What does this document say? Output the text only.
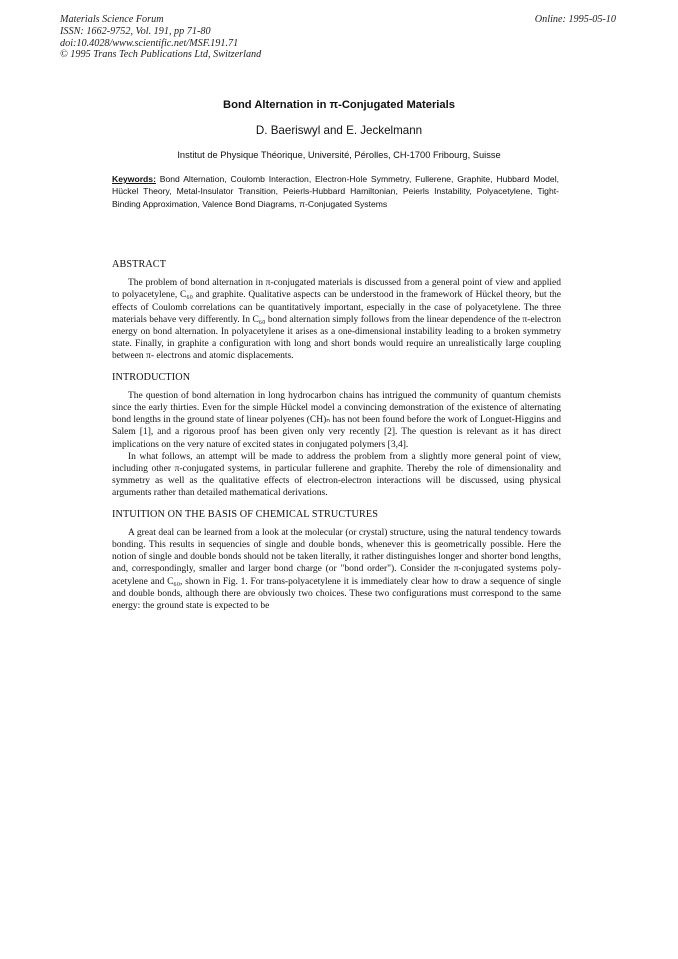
Materials Science Forum
ISSN: 1662-9752, Vol. 191, pp 71-80
doi:10.4028/www.scientific.net/MSF.191.71
© 1995 Trans Tech Publications Ltd, Switzerland
Online: 1995-05-10
Bond Alternation in π-Conjugated Materials
D. Baeriswyl and E. Jeckelmann
Institut de Physique Théorique, Université, Pérolles, CH-1700 Fribourg, Suisse
Keywords: Bond Alternation, Coulomb Interaction, Electron-Hole Symmetry, Fullerene, Graphite, Hubbard Model, Hückel Theory, Metal-Insulator Transition, Peierls-Hubbard Hamiltonian, Peierls Instability, Polyacetylene, Tight-Binding Approximation, Valence Bond Diagrams, π-Conjugated Systems
ABSTRACT

The problem of bond alternation in π-conjugated materials is discussed from a general point of view and applied to polyacetylene, C₆₀ and graphite. Qualitative aspects can be understood in the framework of Hückel theory, but the effects of Coulomb correlations can be quantitatively important, especially in the case of polyacetylene. The three materials behave very differently. In C₆₀ bond alternation simply follows from the linear dependence of the π-electron energy on bond alternation. In polyacetylene it arises as a one-dimensional instability leading to a broken symmetry state. Finally, in graphite a configuration with long and short bonds would require an unrealistically large coupling between π- electrons and atomic displacements.

INTRODUCTION

The question of bond alternation in long hydrocarbon chains has intrigued the community of quantum chemists since the early thirties. Even for the simple Hückel model a convincing demonstration of the existence of alternating bond lengths in the ground state of linear polyenes (CH)ₙ has not been found before the work of Longuet-Higgins and Salem [1], and a rigorous proof has been given only very recently [2]. The question is relevant as it has direct implications on the very nature of excited states in conjugated polymers [3,4].

In what follows, an attempt will be made to address the problem from a slightly more general point of view, including other π-conjugated systems, in particular fullerene and graphite. Thereby the role of dimensionality and symmetry as well as the qualitative effects of electron-electron interactions will be discussed, using physical arguments rather than detailed mathematical derivations.

INTUITION ON THE BASIS OF CHEMICAL STRUCTURES

A great deal can be learned from a look at the molecular (or crystal) structure, using the natural tendency towards bonding. This results in sequencies of single and double bonds, whenever this is geometrically possible. Here the notion of single and double bonds should not be taken literally, it rather distinguishes longer and shorter bond lengths, and, correspondingly, smaller and larger bond charge (or "bond order"). Consider the π-conjugated systems polyacetylene and C₆₀, shown in Fig. 1. For trans-polyacetylene it is immediately clear how to draw a sequence of single and double bonds, although there are obviously two choices. These two configurations must correspond to the same energy: the ground state is expected to be
